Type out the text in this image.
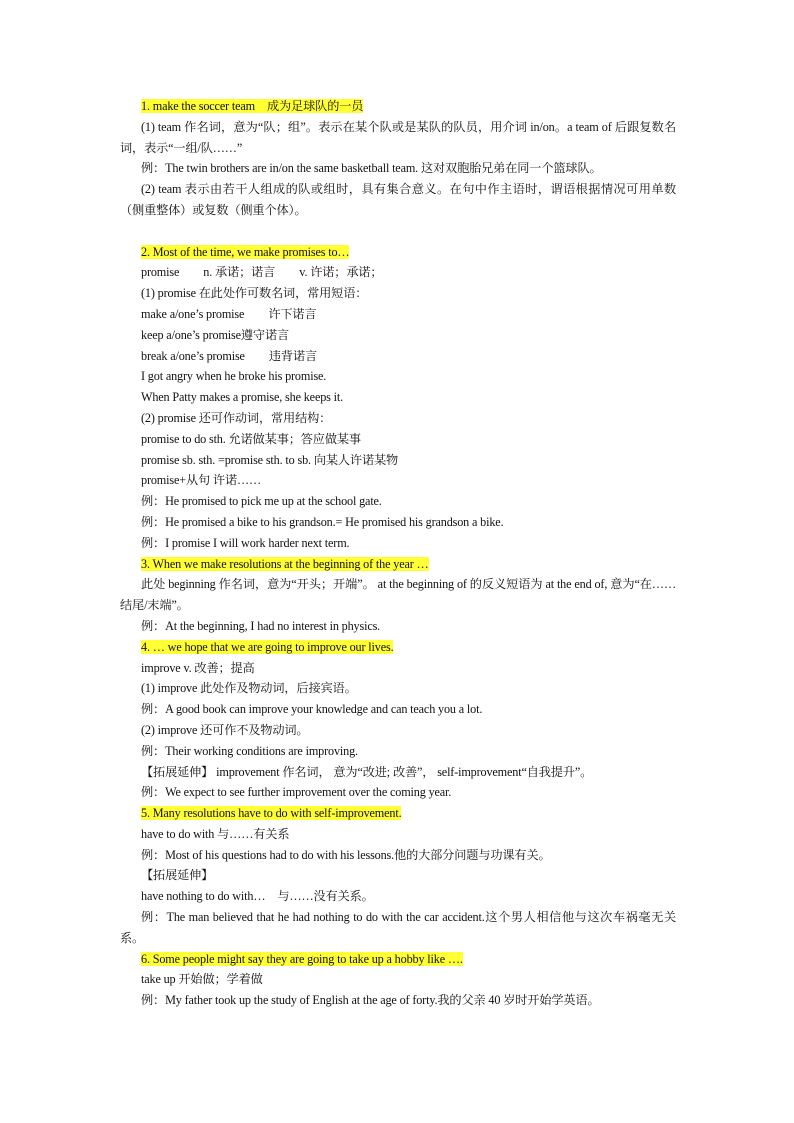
1. make the soccer team　成为足球队的一员
(1) team 作名词，意为“队；组”。表示在某个队或是某队的队员，用介词 in/on。a team of 后跟复数名词，表示“一组/队……”
例：The twin brothers are in/on the same basketball team. 这对双胞胎兄弟在同一个篮球队。
(2) team 表示由若干人组成的队或组时，具有集合意义。在句中作主语时，谓语根据情况可用单数（侧重整体）或复数（侧重个体）。
2. Most of the time, we make promises to…
promise　　n. 承诺；诺言　　v. 许诺；承诺；
(1) promise 在此处作可数名词，常用短语：
make a/one’s promise　　许下诺言
keep a/one’s promise遵守诺言
break a/one’s promise　　违背诺言
I got angry when he broke his promise.
When Patty makes a promise, she keeps it.
(2) promise 还可作动词，常用结构：
promise to do sth. 允诺做某事；答应做某事
promise sb. sth. =promise sth. to sb. 向某人许诺某物
promise+从句 许诺……
例：He promised to pick me up at the school gate.
例：He promised a bike to his grandson.= He promised his grandson a bike.
例：I promise I will work harder next term.
3. When we make resolutions at the beginning of the year …
此处 beginning 作名词，意为“开头；开端”。 at the beginning of 的反义短语为 at the end of, 意为“在……结尾/末端”。
例：At the beginning, I had no interest in physics.
4. … we hope that we are going to improve our lives.
improve v. 改善；提高
(1) improve 此处作及物动词，后接宾语。
例：A good book can improve your knowledge and can teach you a lot.
(2) improve 还可作不及物动词。
例：Their working conditions are improving.
【拓展延伸】 improvement 作名词， 意为“改进; 改善”， self-improvement“自我提升”。
例：We expect to see further improvement over the coming year.
5. Many resolutions have to do with self-improvement.
have to do with 与……有关系
例：Most of his questions had to do with his lessons.他的大部分问题与功课有关。
【拓展延伸】
have nothing to do with…　与……没有关系。
例：The man believed that he had nothing to do with the car accident.这个男人相信他与这次车祸毫无关系。
6. Some people might say they are going to take up a hobby like ….
take up 开始做；学着做
例：My father took up the study of English at the age of forty.我的父亲 40 岁时开始学英语。
